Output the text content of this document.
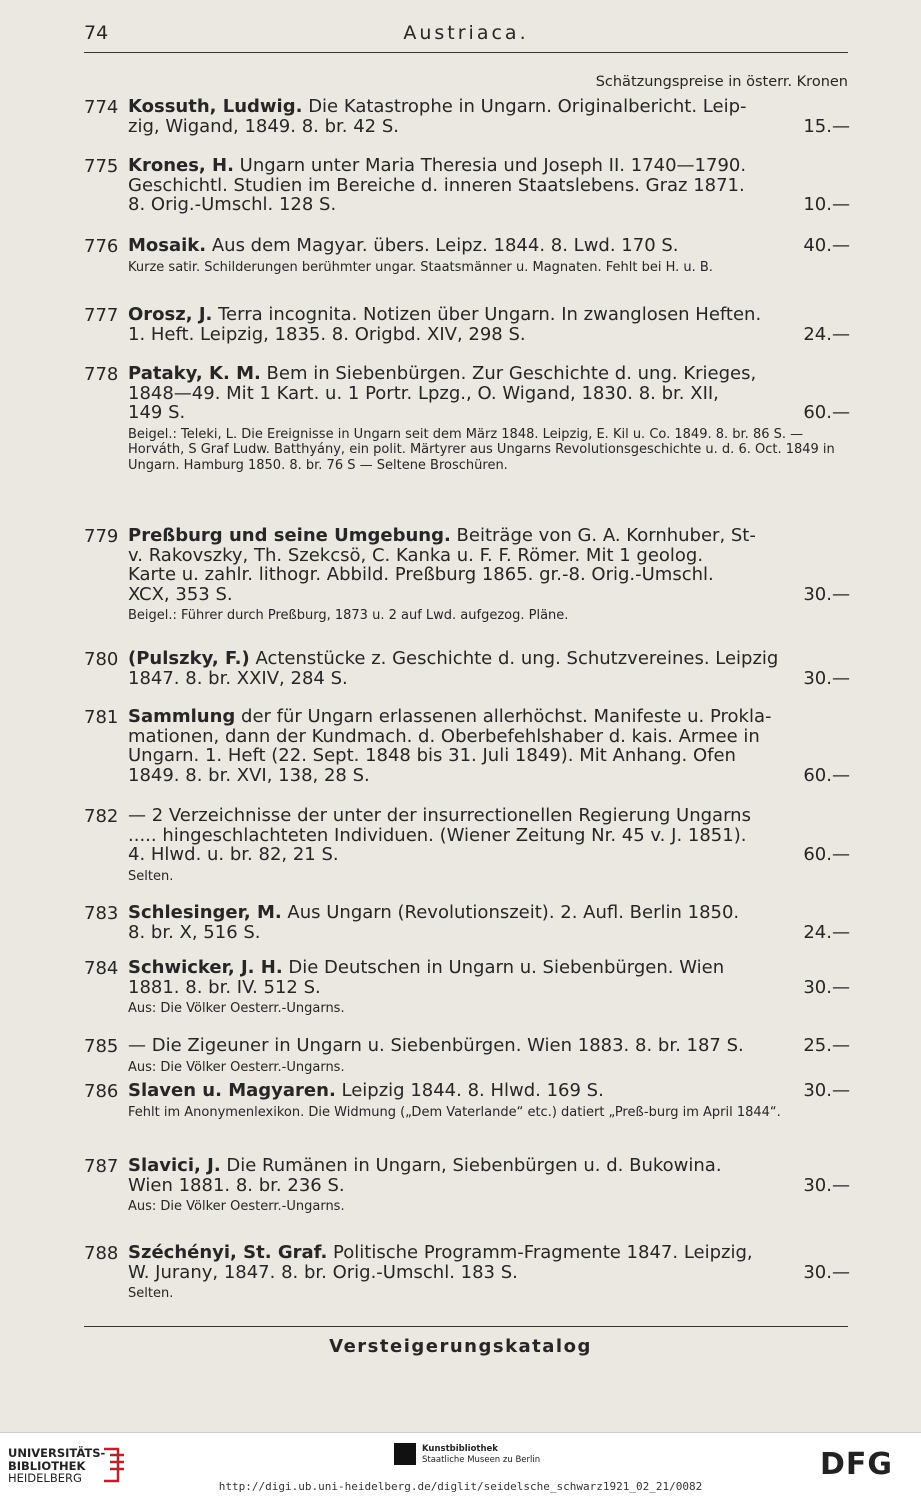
74	Austriaca.
Schätzungspreise in österr. Kronen
774 Kossuth, Ludwig. Die Katastrophe in Ungarn. Originalbericht. Leip-
zig, Wigand, 1849. 8. br. 42 S.	15.—
775 Krones, H. Ungarn unter Maria Theresia und Joseph II. 1740—1790.
Geschichtl. Studien im Bereiche d. inneren Staatslebens. Graz 1871.
8. Orig.-Umschl. 128 S.	10.—
776 Mosaik. Aus dem Magyar. übers. Leipz. 1844. 8. Lwd. 170 S.	40.—
Kurze satir. Schilderungen berühmter ungar. Staatsmänner u. Magnaten. Fehlt bei H. u. B.
777 Orosz, J. Terra incognita. Notizen über Ungarn. In zwanglosen Heften.
1. Heft. Leipzig, 1835. 8. Origbd. XIV, 298 S.	24.—
778 Pataky, K. M. Bem in Siebenbürgen. Zur Geschichte d. ung. Krieges,
1848—49. Mit 1 Kart. u. 1 Portr. Lpzg., O. Wigand, 1830. 8. br. XII,
149 S.	60.—
Beigel.: Teleki, L. Die Ereignisse in Ungarn seit dem März 1848. Leipzig, E. Kil u. Co. 1849. 8. br. 86 S. — Horváth, S Graf Ludw. Batthyány, ein polit. Märtyrer aus Ungarns Revolutionsgeschichte u. d. 6. Oct. 1849 in Ungarn. Hamburg 1850. 8. br. 76 S — Seltene Broschüren.
779 Preßburg und seine Umgebung. Beiträge von G. A. Kornhuber, St-
v. Rakovszky, Th. Szekcsö, C. Kanka u. F. F. Römer. Mit 1 geolog.
Karte u. zahlr. lithogr. Abbild. Preßburg 1865. gr.-8. Orig.-Umschl.
XCX, 353 S.	30.—
Beigel.: Führer durch Preßburg, 1873 u. 2 auf Lwd. aufgezog. Pläne.
780 (Pulszky, F.) Actenstücke z. Geschichte d. ung. Schutzvereines. Leipzig
1847. 8. br. XXIV, 284 S.	30.—
781 Sammlung der für Ungarn erlassenen allerhöchst. Manifeste u. Prokla-
mationen, dann der Kundmach. d. Oberbefehlshaber d. kais. Armee in
Ungarn. 1. Heft (22. Sept. 1848 bis 31. Juli 1849). Mit Anhang. Ofen
1849. 8. br. XVI, 138, 28 S.	60.—
782 — 2 Verzeichnisse der unter der insurrectionellen Regierung Ungarns
..... hingeschlachteten Individuen. (Wiener Zeitung Nr. 45 v. J. 1851).
4. Hlwd. u. br. 82, 21 S.	60.—
Selten.
783 Schlesinger, M. Aus Ungarn (Revolutionszeit). 2. Aufl. Berlin 1850.
8. br. X, 516 S.	24.—
784 Schwicker, J. H. Die Deutschen in Ungarn u. Siebenbürgen. Wien
1881. 8. br. IV. 512 S.	30.—
Aus: Die Völker Oesterr.-Ungarns.
785 — Die Zigeuner in Ungarn u. Siebenbürgen. Wien 1883. 8. br. 187 S.	25.—
Aus: Die Völker Oesterr.-Ungarns.
786 Slaven u. Magyaren. Leipzig 1844. 8. Hlwd. 169 S.	30.—
Fehlt im Anonymenlexikon. Die Widmung („Dem Vaterlande“ etc.) datiert „Preß-burg im April 1844“.
787 Slavici, J. Die Rumänen in Ungarn, Siebenbürgen u. d. Bukowina.
Wien 1881. 8. br. 236 S.	30.—
Aus: Die Völker Oesterr.-Ungarns.
788 Széchényi, St. Graf. Politische Programm-Fragmente 1847. Leipzig,
W. Jurany, 1847. 8. br. Orig.-Umschl. 183 S.	30.—
Selten.
Versteigerungskatalog
UNIVERSITÄTS-
BIBLIOTHEK
HEIDELBERG
Kunstbibliothek
Staatliche Museen zu Berlin	DFG
http://digi.ub.uni-heidelberg.de/diglit/seidelsche_schwarz1921_02_21/0082
